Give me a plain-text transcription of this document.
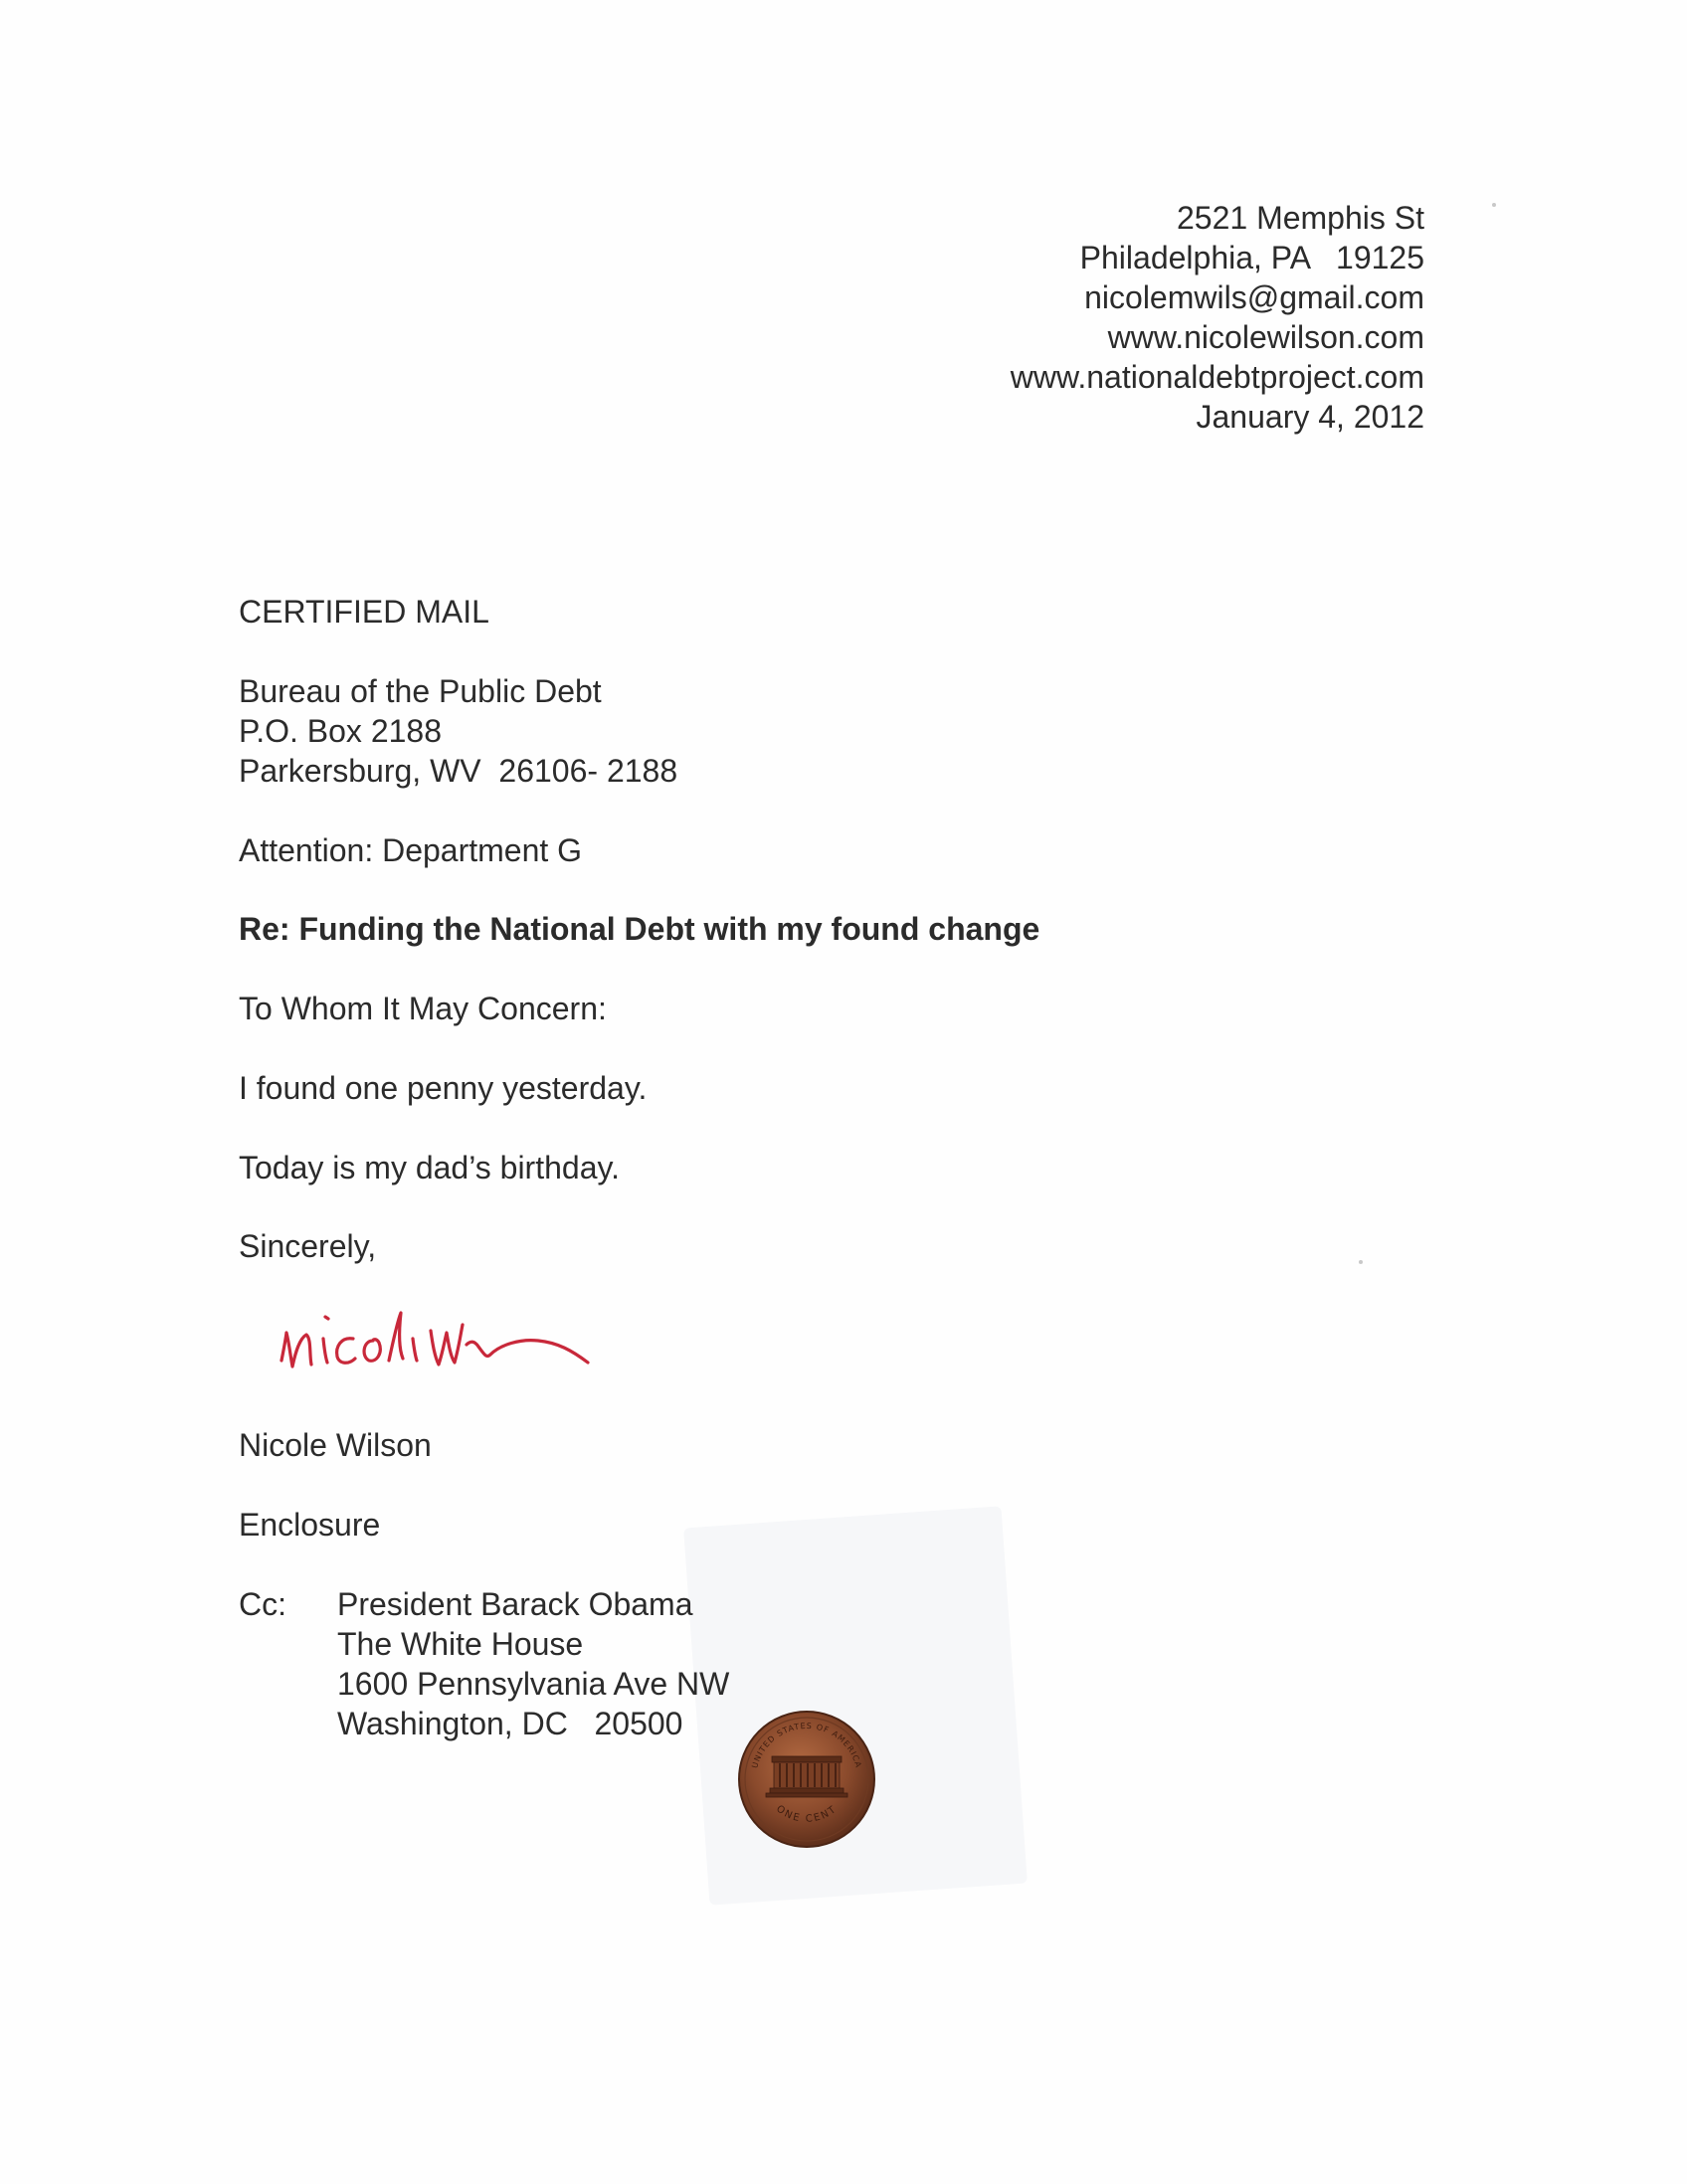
2521 Memphis St
Philadelphia, PA   19125
nicolemwils@gmail.com
www.nicolewilson.com
www.nationaldebtproject.com
January 4, 2012
CERTIFIED MAIL
Bureau of the Public Debt
P.O. Box 2188
Parkersburg, WV  26106- 2188
Attention: Department G
Re: Funding the National Debt with my found change
To Whom It May Concern:
I found one penny yesterday.
Today is my dad’s birthday.
Sincerely,
Nicole Wilson
Enclosure
Cc: President Barack Obama
The White House
1600 Pennsylvania Ave NW
Washington, DC   20500
UNITED STATES OF AMERICA
ONE CENT
